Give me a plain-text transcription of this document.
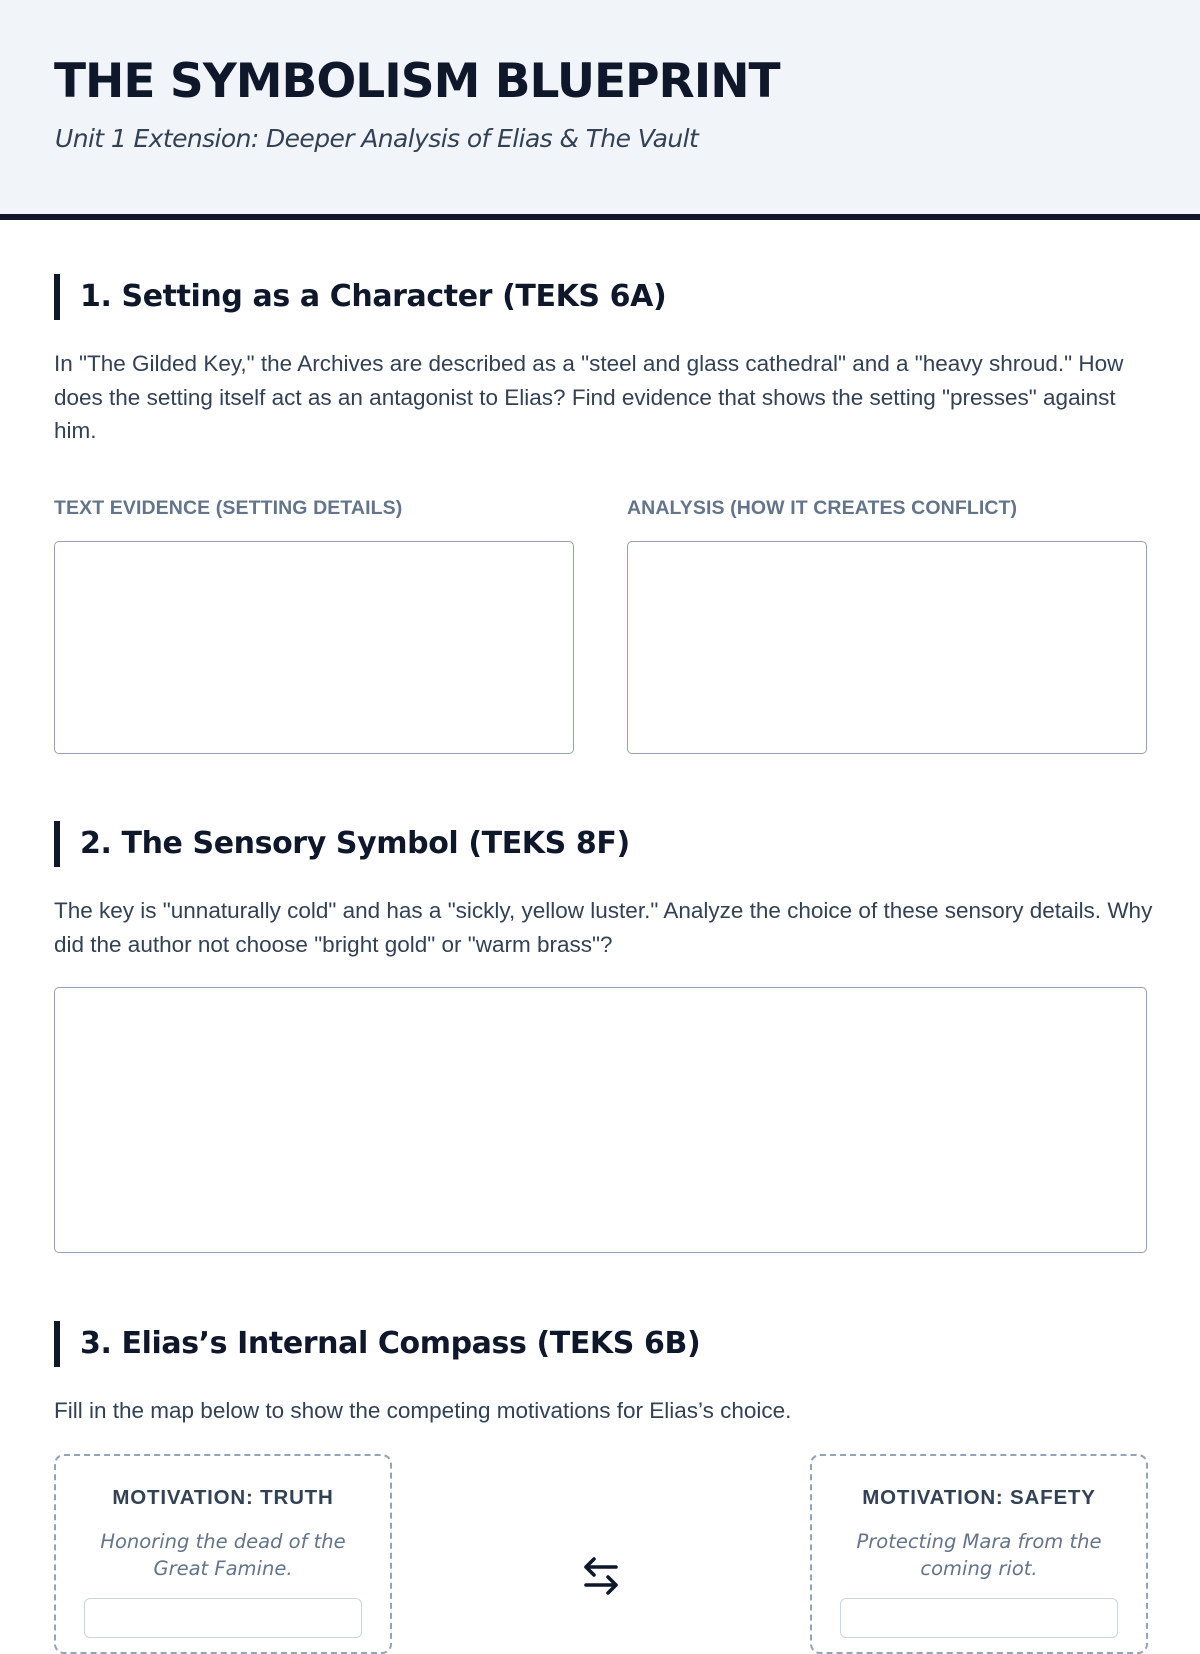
THE SYMBOLISM BLUEPRINT
Unit 1 Extension: Deeper Analysis of Elias & The Vault
1. Setting as a Character (TEKS 6A)
In "The Gilded Key," the Archives are described as a "steel and glass cathedral" and a "heavy shroud." How does the setting itself act as an antagonist to Elias? Find evidence that shows the setting "presses" against him.
TEXT EVIDENCE (SETTING DETAILS)	ANALYSIS (HOW IT CREATES CONFLICT)
2. The Sensory Symbol (TEKS 8F)
The key is "unnaturally cold" and has a "sickly, yellow luster." Analyze the choice of these sensory details. Why did the author not choose "bright gold" or "warm brass"?
3. Elias’s Internal Compass (TEKS 6B)
Fill in the map below to show the competing motivations for Elias’s choice.
MOTIVATION: TRUTH
Honoring the dead of the Great Famine.
MOTIVATION: SAFETY
Protecting Mara from the coming riot.
